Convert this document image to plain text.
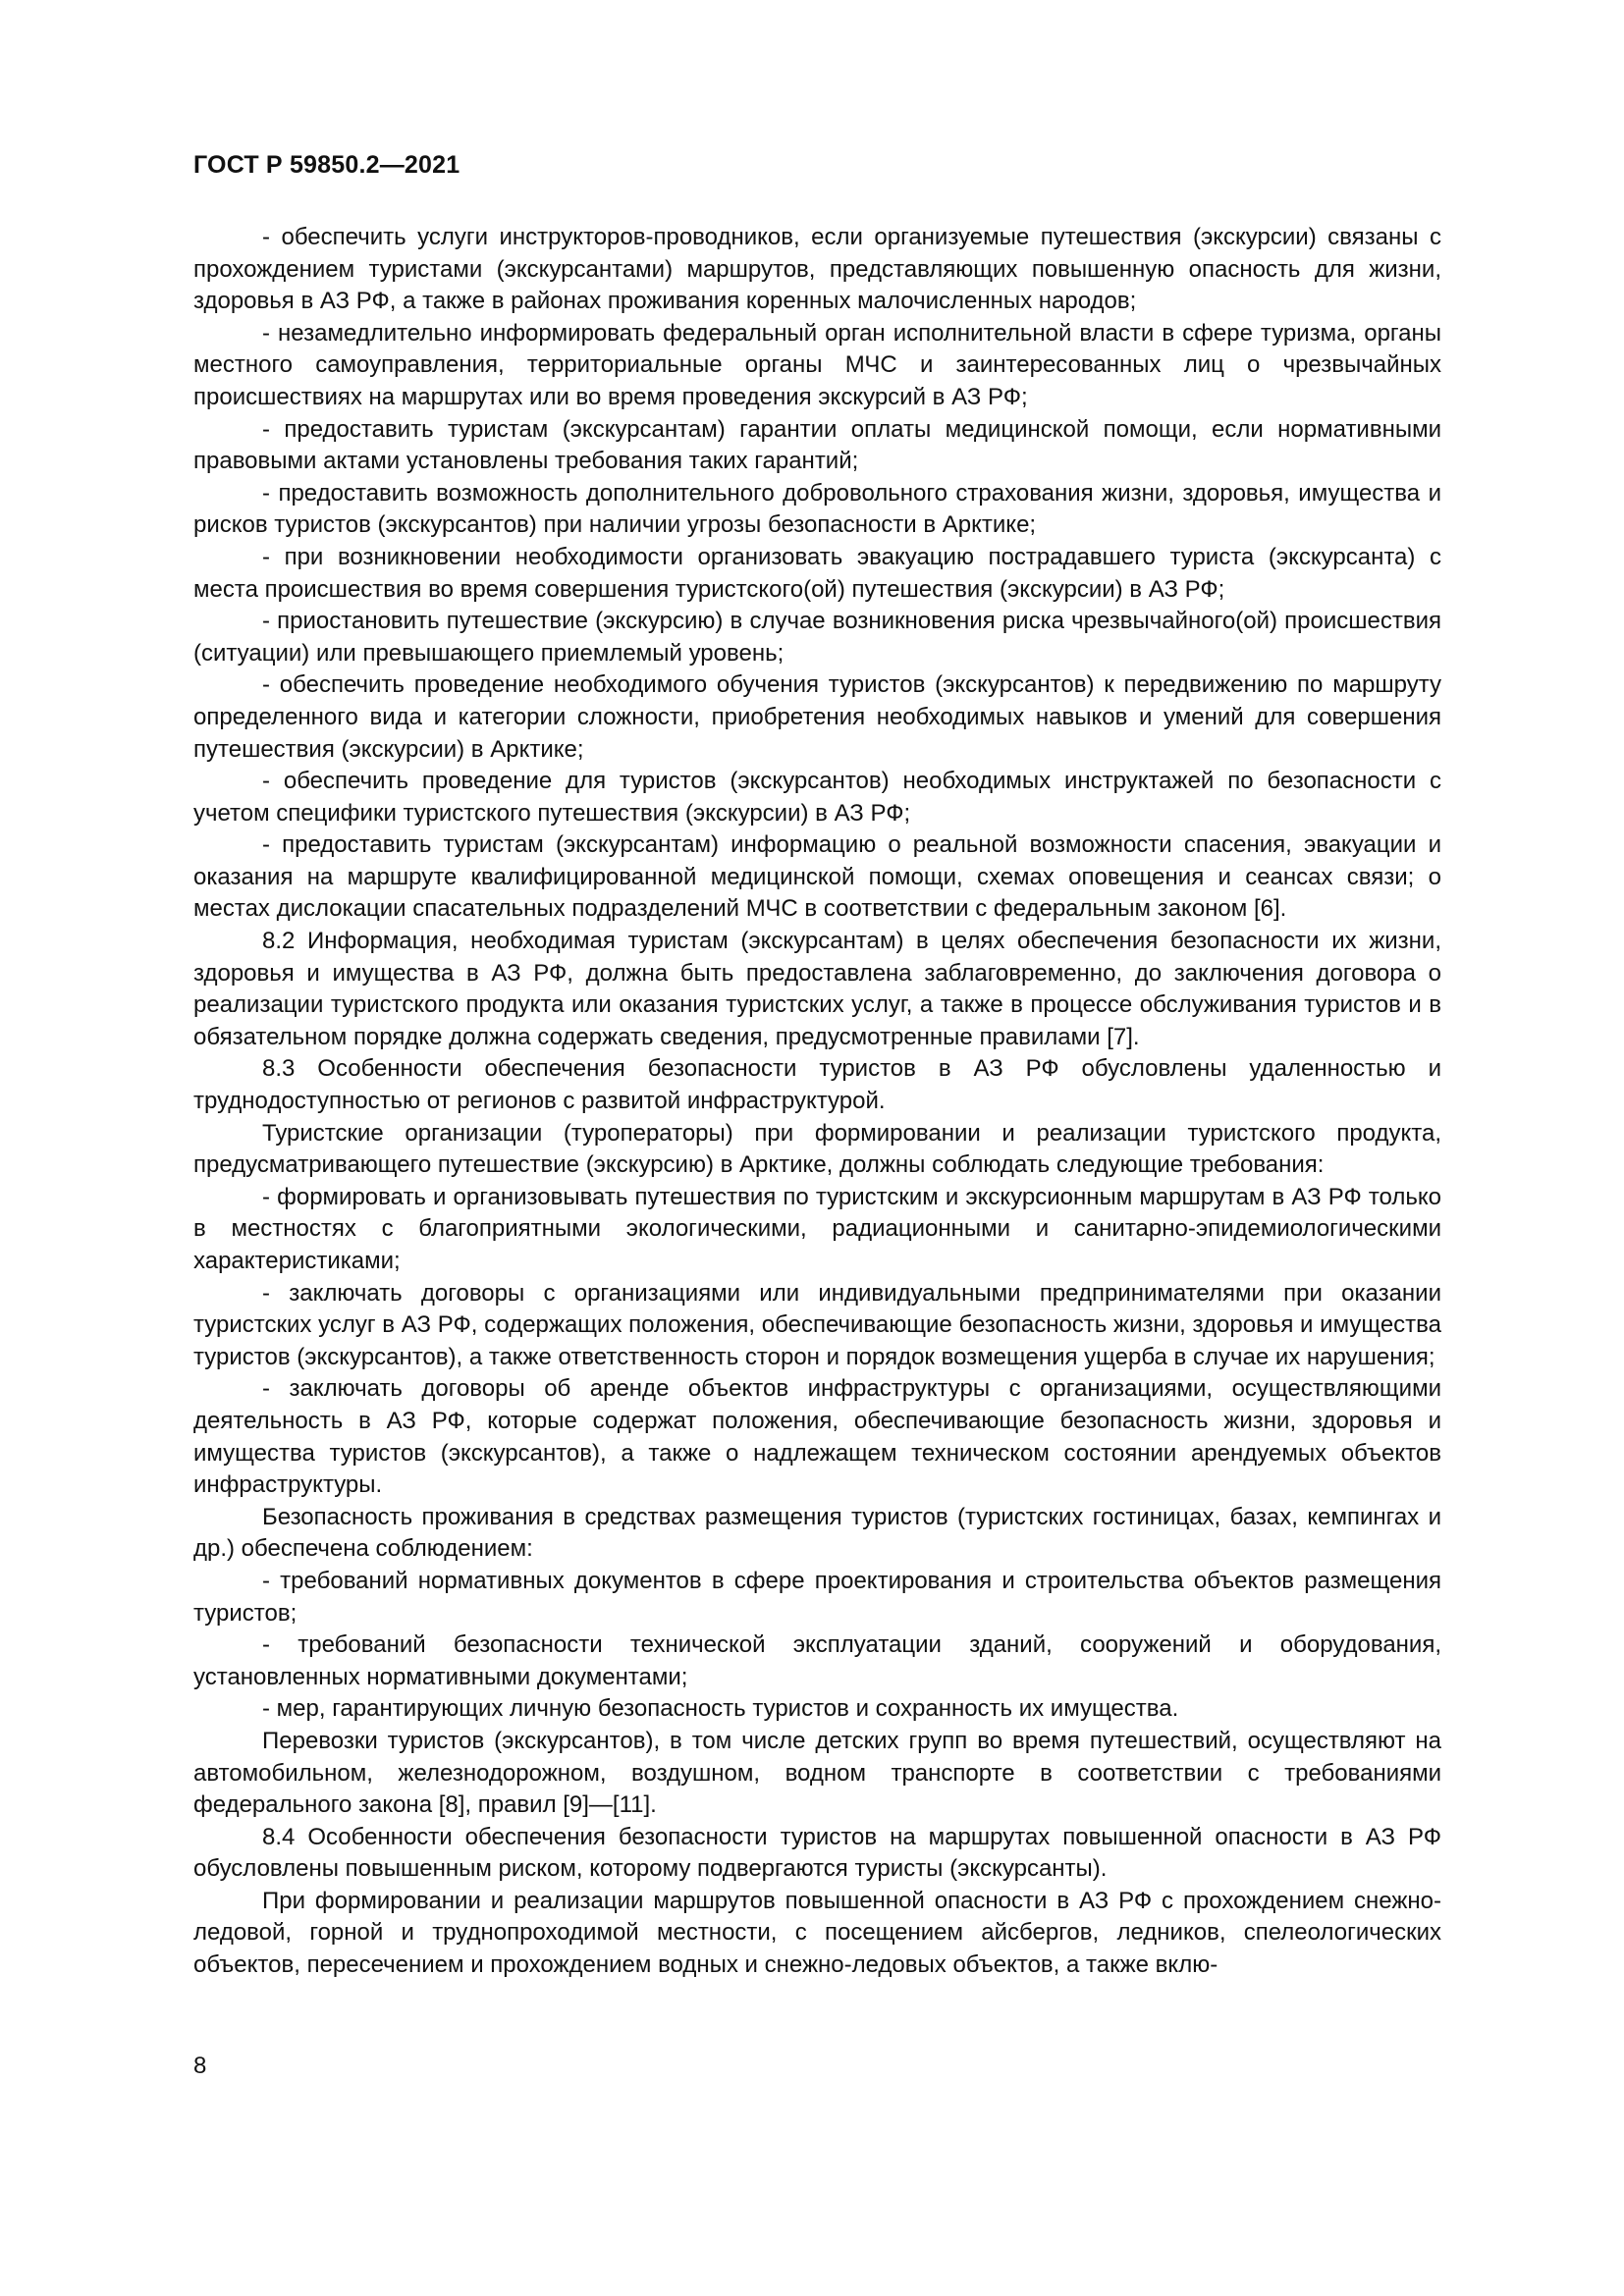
ГОСТ Р 59850.2—2021

- обеспечить услуги инструкторов-проводников, если организуемые путешествия (экскурсии) связаны с прохождением туристами (экскурсантами) маршрутов, представляющих повышенную опасность для жизни, здоровья в АЗ РФ, а также в районах проживания коренных малочисленных народов;

- незамедлительно информировать федеральный орган исполнительной власти в сфере туризма, органы местного самоуправления, территориальные органы МЧС и заинтересованных лиц о чрезвычайных происшествиях на маршрутах или во время проведения экскурсий в АЗ РФ;

- предоставить туристам (экскурсантам) гарантии оплаты медицинской помощи, если нормативными правовыми актами установлены требования таких гарантий;

- предоставить возможность дополнительного добровольного страхования жизни, здоровья, имущества и рисков туристов (экскурсантов) при наличии угрозы безопасности в Арктике;

- при возникновении необходимости организовать эвакуацию пострадавшего туриста (экскурсанта) с места происшествия во время совершения туристского(ой) путешествия (экскурсии) в АЗ РФ;

- приостановить путешествие (экскурсию) в случае возникновения риска чрезвычайного(ой) происшествия (ситуации) или превышающего приемлемый уровень;

- обеспечить проведение необходимого обучения туристов (экскурсантов) к передвижению по маршруту определенного вида и категории сложности, приобретения необходимых навыков и умений для совершения путешествия (экскурсии) в Арктике;

- обеспечить проведение для туристов (экскурсантов) необходимых инструктажей по безопасности с учетом специфики туристского путешествия (экскурсии) в АЗ РФ;

- предоставить туристам (экскурсантам) информацию о реальной возможности спасения, эвакуации и оказания на маршруте квалифицированной медицинской помощи, схемах оповещения и сеансах связи; о местах дислокации спасательных подразделений МЧС в соответствии с федеральным законом [6].

8.2 Информация, необходимая туристам (экскурсантам) в целях обеспечения безопасности их жизни, здоровья и имущества в АЗ РФ, должна быть предоставлена заблаговременно, до заключения договора о реализации туристского продукта или оказания туристских услуг, а также в процессе обслуживания туристов и в обязательном порядке должна содержать сведения, предусмотренные правилами [7].

8.3 Особенности обеспечения безопасности туристов в АЗ РФ обусловлены удаленностью и труднодоступностью от регионов с развитой инфраструктурой.

Туристские организации (туроператоры) при формировании и реализации туристского продукта, предусматривающего путешествие (экскурсию) в Арктике, должны соблюдать следующие требования:

- формировать и организовывать путешествия по туристским и экскурсионным маршрутам в АЗ РФ только в местностях с благоприятными экологическими, радиационными и санитарно-эпидемиологическими характеристиками;

- заключать договоры с организациями или индивидуальными предпринимателями при оказании туристских услуг в АЗ РФ, содержащих положения, обеспечивающие безопасность жизни, здоровья и имущества туристов (экскурсантов), а также ответственность сторон и порядок возмещения ущерба в случае их нарушения;

- заключать договоры об аренде объектов инфраструктуры с организациями, осуществляющими деятельность в АЗ РФ, которые содержат положения, обеспечивающие безопасность жизни, здоровья и имущества туристов (экскурсантов), а также о надлежащем техническом состоянии арендуемых объектов инфраструктуры.

Безопасность проживания в средствах размещения туристов (туристских гостиницах, базах, кемпингах и др.) обеспечена соблюдением:

- требований нормативных документов в сфере проектирования и строительства объектов размещения туристов;

- требований безопасности технической эксплуатации зданий, сооружений и оборудования, установленных нормативными документами;

- мер, гарантирующих личную безопасность туристов и сохранность их имущества.

Перевозки туристов (экскурсантов), в том числе детских групп во время путешествий, осуществляют на автомобильном, железнодорожном, воздушном, водном транспорте в соответствии с требованиями федерального закона [8], правил [9]—[11].

8.4 Особенности обеспечения безопасности туристов на маршрутах повышенной опасности в АЗ РФ обусловлены повышенным риском, которому подвергаются туристы (экскурсанты).

При формировании и реализации маршрутов повышенной опасности в АЗ РФ с прохождением снежно-ледовой, горной и труднопроходимой местности, с посещением айсбергов, ледников, спелеологических объектов, пересечением и прохождением водных и снежно-ледовых объектов, а также вклю-

8
